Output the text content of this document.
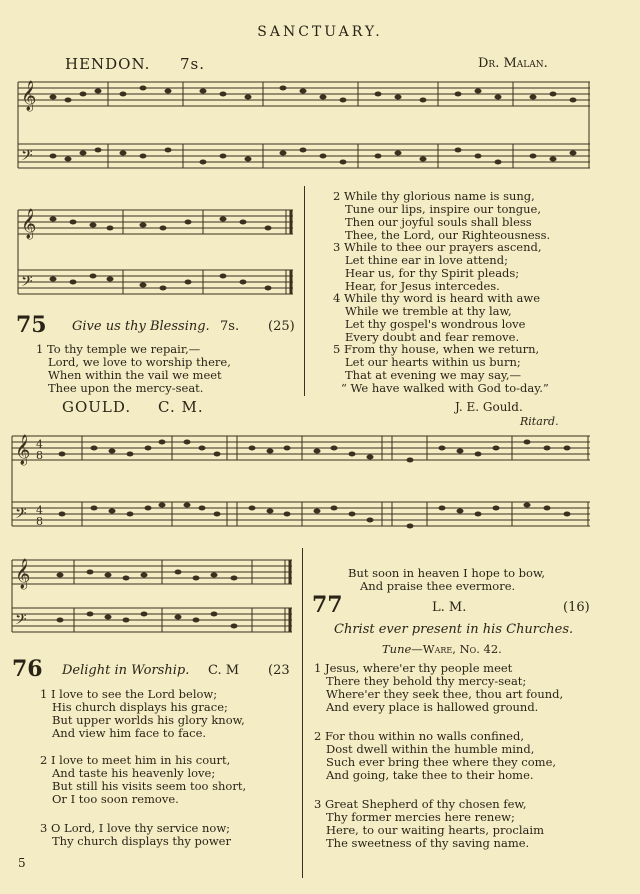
SANCTUARY.
HENDON. 7s.	Dr. Malan.
𝄞
𝄢
𝄞
𝄢
75 Give us thy Blessing. 7s. (25)
1 To thy temple we repair,—
Lord, we love to worship there,
When within the vail we meet
Thee upon the mercy-seat.
2 While thy glorious name is sung,
Tune our lips, inspire our tongue,
Then our joyful souls shall bless
Thee, the Lord, our Righteousness.
3 While to thee our prayers ascend,
Let thine ear in love attend;
Hear us, for thy Spirit pleads;
Hear, for Jesus intercedes.
4 While thy word is heard with awe
While we tremble at thy law,
Let thy gospel's wondrous love
Every doubt and fear remove.
5 From thy house, when we return,
Let our hearts within us burn;
That at evening we may say,—
“ We have walked with God to-day.”
GOULD. C. M.	J. E. Gould.
Ritard.
𝄞
𝄢
4
8
4
8
𝄞
𝄢
76 Delight in Worship. C. M (23
1 I love to see the Lord below;
His church displays his grace;
But upper worlds his glory know,
And view him face to face.
2 I love to meet him in his court,
And taste his heavenly love;
But still his visits seem too short,
Or I too soon remove.
3 O Lord, I love thy service now;
Thy church displays thy power
But soon in heaven I hope to bow,
And praise thee evermore.
5
77	L. M.	(16)
Christ ever present in his Churches.
Tune—Ware, No. 42.
1 Jesus, where'er thy people meet
There they behold thy mercy-seat;
Where'er they seek thee, thou art found,
And every place is hallowed ground.
2 For thou within no walls confined,
Dost dwell within the humble mind,
Such ever bring thee where they come,
And going, take thee to their home.
3 Great Shepherd of thy chosen few,
Thy former mercies here renew;
Here, to our waiting hearts, proclaim
The sweetness of thy saving name.
